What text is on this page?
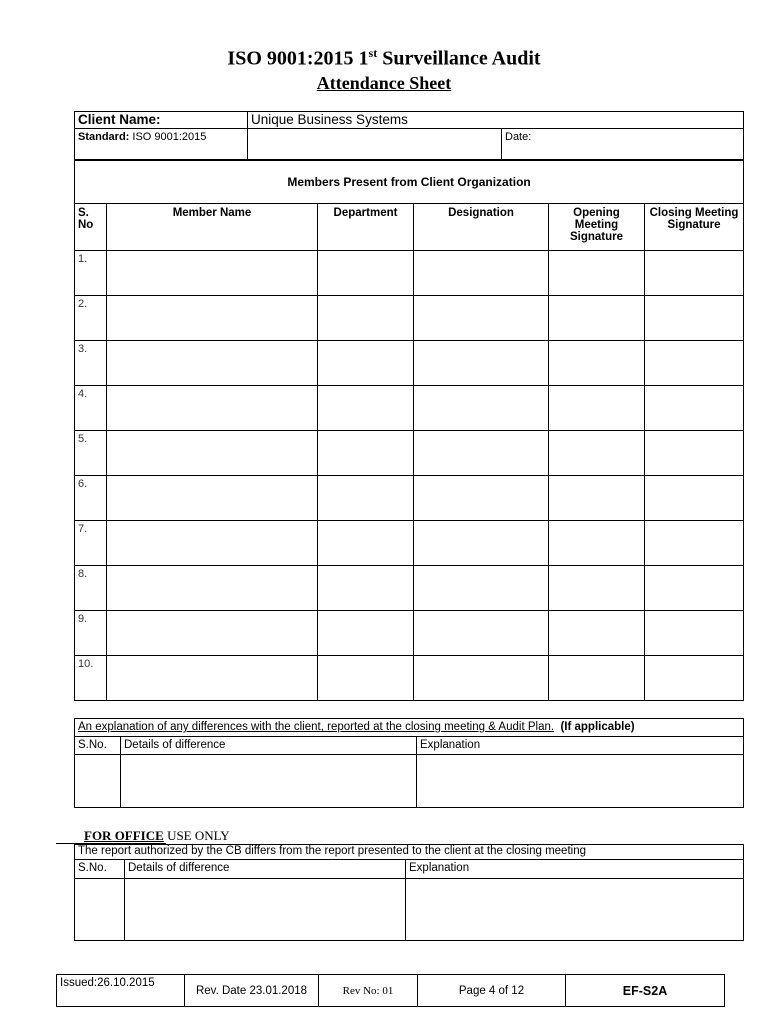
ISO 9001:2015 1st Surveillance Audit
Attendance Sheet
Client Name:	Unique Business Systems	
Standard: ISO 9001:2015		Date:
Members Present from Client Organization					
S. No	Member Name	Department	Designation	Opening Meeting Signature	Closing Meeting Signature
1.					
2.					
3.					
4.					
5.					
6.					
7.					
8.					
9.					
10.					
An explanation of any differences with the client, reported at the closing meeting & Audit Plan. (If applicable)		
S.No.	Details of difference	Explanation

FOR OFFICE USE ONLY
The report authorized by the CB differs from the report presented to the client at the closing meeting		
S.No.	Details of difference	Explanation

Issued:26.10.2015	Rev. Date 23.01.2018	Rev No: 01	Page 4 of 12	EF-S2A
